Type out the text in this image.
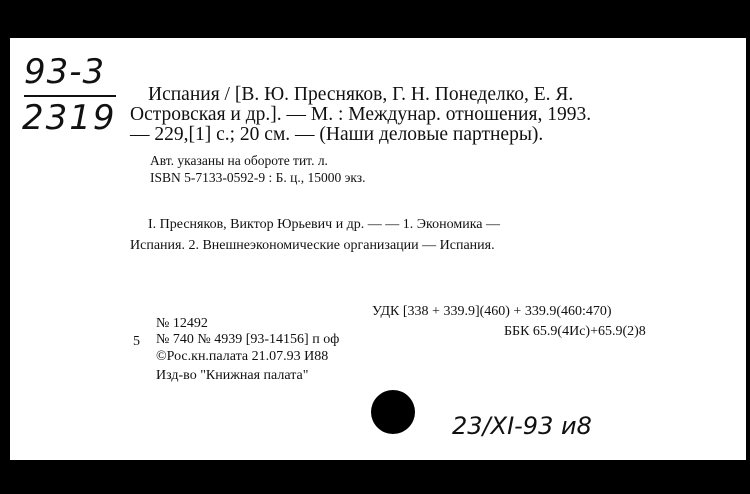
93-3
2319
Испания / [В. Ю. Пресняков, Г. Н. Понеделко, Е. Я.
Островская и др.]. — М. : Междунар. отношения, 1993.
— 229,[1] с.; 20 см. — (Наши деловые партнеры).
Авт. указаны на обороте тит. л.
ISBN 5-7133-0592-9 : Б. ц., 15000 экз.
I. Пресняков, Виктор Юрьевич и др. — — 1. Экономика —
Испания. 2. Внешнеэкономические организации — Испания.
№ 12492
УДК [338 + 339.9](460) + 339.9(460:470)
5 № 740 № 4939 [93-14156] п оф
ББК 65.9(4Ис)+65.9(2)8
©Рос.кн.палата 21.07.93 И88
Изд-во "Книжная палата"
23/XI-93 и8
